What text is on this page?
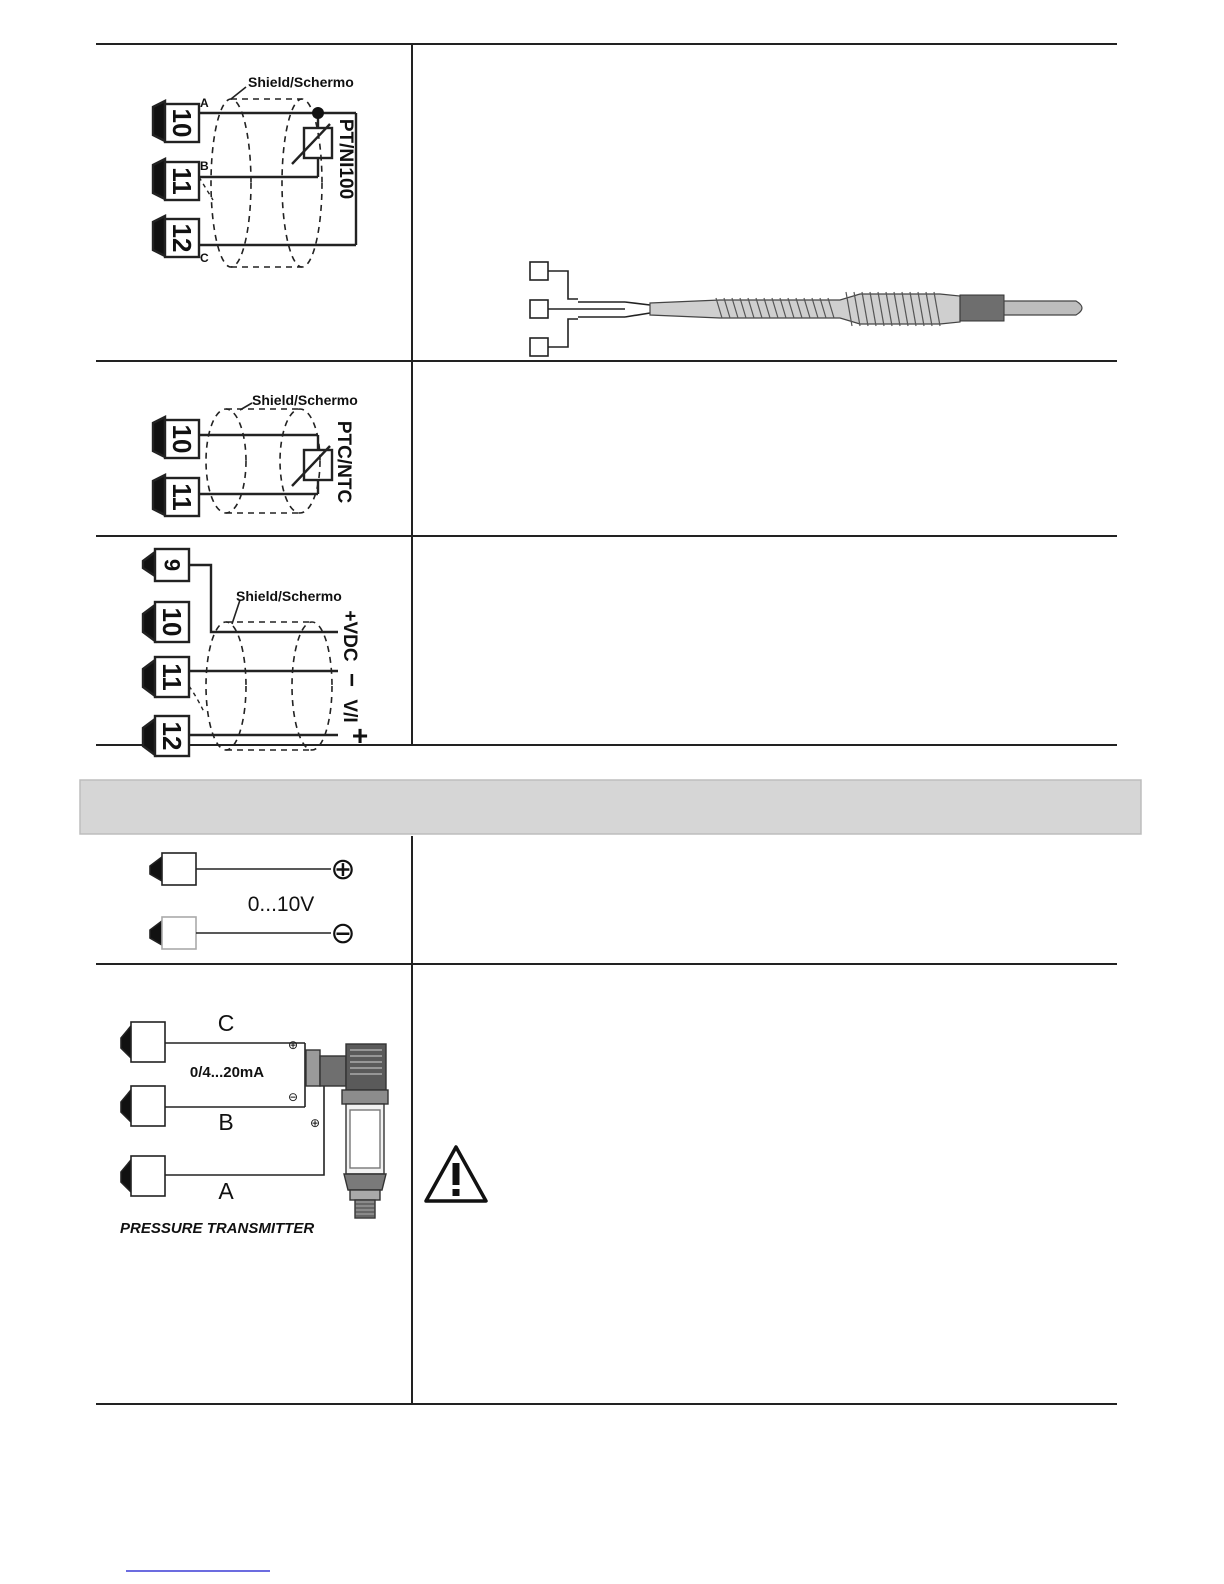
10
11
12
A
B
C
Shield/Schermo
PT/NI100
10
11
Shield/Schermo
PTC/NTC
9
10
11
12
Shield/Schermo
+VDC
−
V/I
+
⊕
⊖
0...10V
C
B
A
0/4...20mA
⊕
⊖
⊕
PRESSURE TRANSMITTER
